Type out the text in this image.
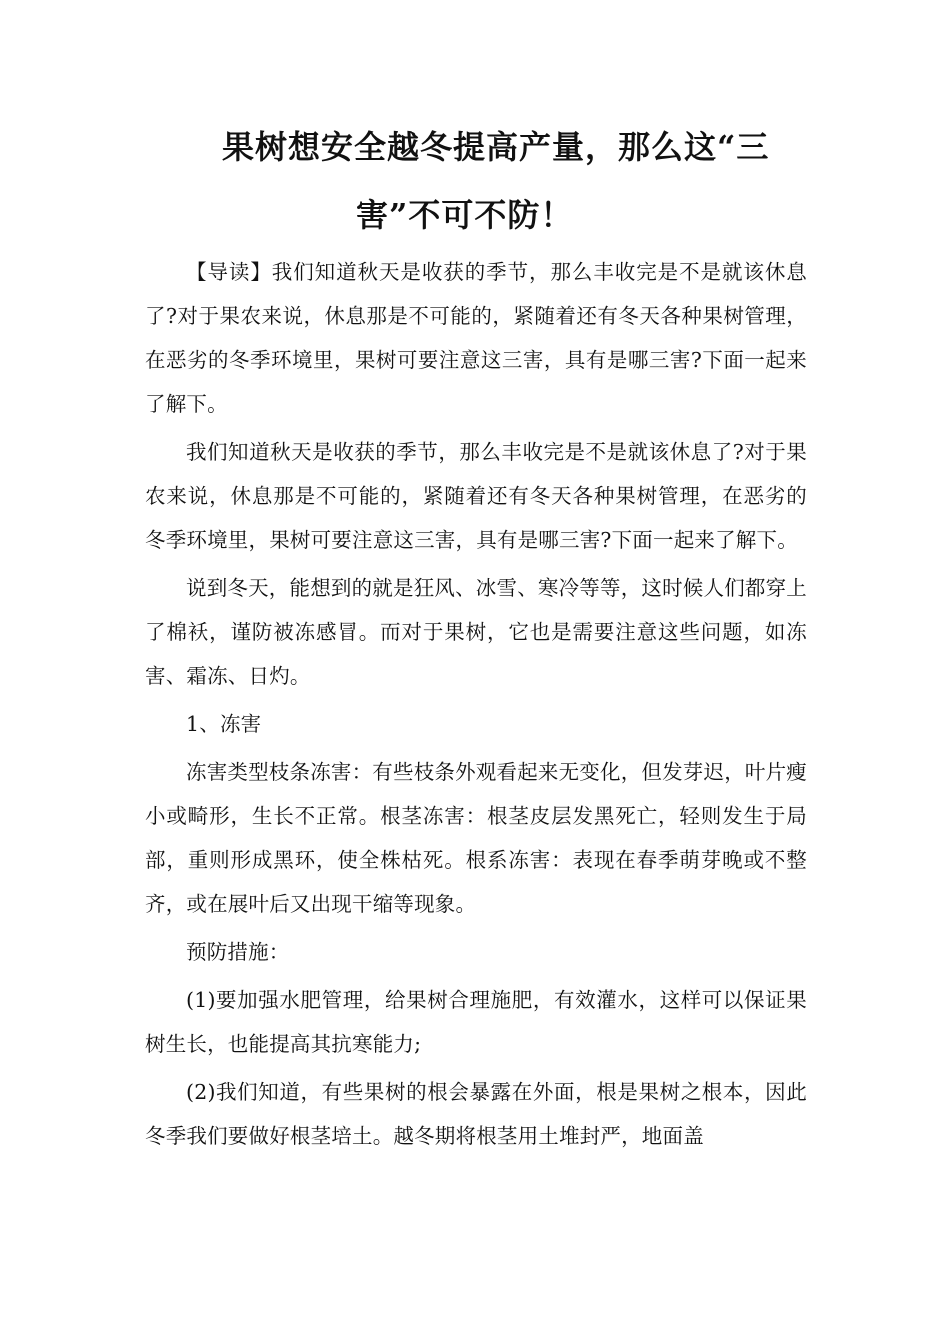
果树想安全越冬提高产量，那么这“三
害”不可不防！

【导读】我们知道秋天是收获的季节，那么丰收完是不是就该休息了?对于果农来说，休息那是不可能的，紧随着还有冬天各种果树管理，在恶劣的冬季环境里，果树可要注意这三害，具有是哪三害?下面一起来了解下。

我们知道秋天是收获的季节，那么丰收完是不是就该休息了?对于果农来说，休息那是不可能的，紧随着还有冬天各种果树管理，在恶劣的冬季环境里，果树可要注意这三害，具有是哪三害?下面一起来了解下。

说到冬天，能想到的就是狂风、冰雪、寒冷等等，这时候人们都穿上了棉袄，谨防被冻感冒。而对于果树，它也是需要注意这些问题，如冻害、霜冻、日灼。

1、冻害

冻害类型枝条冻害：有些枝条外观看起来无变化，但发芽迟，叶片瘦小或畸形，生长不正常。根茎冻害：根茎皮层发黑死亡，轻则发生于局部，重则形成黑环，使全株枯死。根系冻害：表现在春季萌芽晚或不整齐，或在展叶后又出现干缩等现象。

预防措施：

(1)要加强水肥管理，给果树合理施肥，有效灌水，这样可以保证果树生长，也能提高其抗寒能力;

(2)我们知道，有些果树的根会暴露在外面，根是果树之根本，因此冬季我们要做好根茎培土。越冬期将根茎用土堆封严，地面盖
